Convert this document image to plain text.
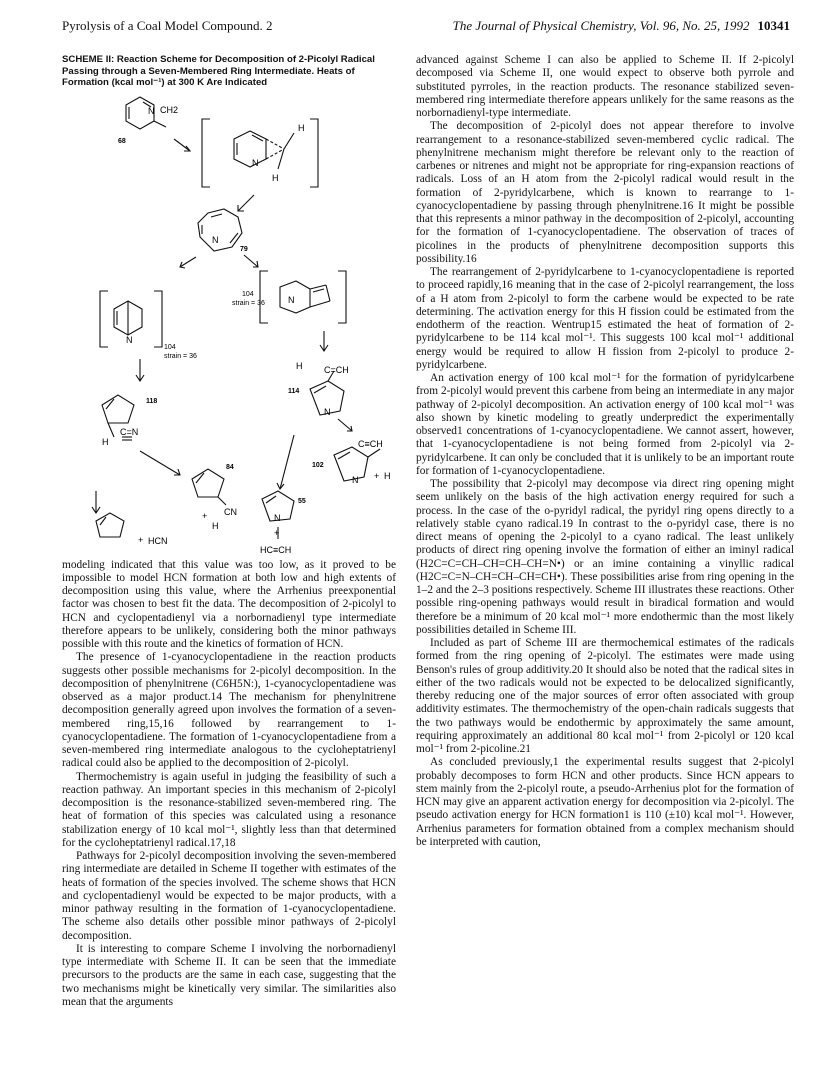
Pyrolysis of a Coal Model Compound. 2	The Journal of Physical Chemistry, Vol. 96, No. 25, 1992 10341

SCHEME II: Reaction Scheme for Decomposition of 2-Picolyl Radical Passing through a Seven-Membered Ring Intermediate. Heats of Formation (kcal mol⁻¹) at 300 K Are Indicated

N CH2
68
N
H
H
N
79
N
104
strain = 36
104
strain = 36	N
118
C=N
H
H C=CH
114
N
102
C≡CH
N + H
84
CN
+
H
+ HCN
N
55
+
HC≡CH

modeling indicated that this value was too low, as it proved to be impossible to model HCN formation at both low and high extents of decomposition using this value, where the Arrhenius preexponential factor was chosen to best fit the data. The decomposition of 2-picolyl to HCN and cyclopentadienyl via a norbornadienyl type intermediate therefore appears to be unlikely, considering both the minor pathways possible with this route and the kinetics of formation of HCN.

The presence of 1-cyanocyclopentadiene in the reaction products suggests other possible mechanisms for 2-picolyl decomposition. In the decomposition of phenylnitrene (C6H5N:), 1-cyanocyclopentadiene was observed as a major product.14 The mechanism for phenylnitrene decomposition generally agreed upon involves the formation of a seven-membered ring,15,16 followed by rearrangement to 1-cyanocyclopentadiene. The formation of 1-cyanocyclopentadiene from a seven-membered ring intermediate analogous to the cycloheptatrienyl radical could also be applied to the decomposition of 2-picolyl.

Thermochemistry is again useful in judging the feasibility of such a reaction pathway. An important species in this mechanism of 2-picolyl decomposition is the resonance-stabilized seven-membered ring. The heat of formation of this species was calculated using a resonance stabilization energy of 10 kcal mol⁻¹, slightly less than that determined for the cycloheptatrienyl radical.17,18

Pathways for 2-picolyl decomposition involving the seven-membered ring intermediate are detailed in Scheme II together with estimates of the heats of formation of the species involved. The scheme shows that HCN and cyclopentadienyl would be expected to be major products, with a minor pathway resulting in the formation of 1-cyanocyclopentadiene. The scheme also details other possible minor pathways of 2-picolyl decomposition.

It is interesting to compare Scheme I involving the norbornadienyl type intermediate with Scheme II. It can be seen that the immediate precursors to the products are the same in each case, suggesting that the two mechanisms might be kinetically very similar. The similarities also mean that the arguments

advanced against Scheme I can also be applied to Scheme II. If 2-picolyl decomposed via Scheme II, one would expect to observe both pyrrole and substituted pyrroles, in the reaction products. The resonance stabilized seven-membered ring intermediate therefore appears unlikely for the same reasons as the norbornadienyl-type intermediate.

The decomposition of 2-picolyl does not appear therefore to involve rearrangement to a resonance-stabilized seven-membered cyclic radical. The phenylnitrene mechanism might therefore be relevant only to the reaction of carbenes or nitrenes and might not be appropriate for ring-expansion reactions of radicals. Loss of an H atom from the 2-picolyl radical would result in the formation of 2-pyridylcarbene, which is known to rearrange to 1-cyanocyclopentadiene by passing through phenylnitrene.16 It might be possible that this represents a minor pathway in the decomposition of 2-picolyl, accounting for the formation of 1-cyanocyclopentadiene. The observation of traces of picolines in the products of phenylnitrene decomposition supports this possibility.16

The rearrangement of 2-pyridylcarbene to 1-cyanocyclopentadiene is reported to proceed rapidly,16 meaning that in the case of 2-picolyl rearrangement, the loss of a H atom from 2-picolyl to form the carbene would be expected to be rate determining. The activation energy for this H fission could be estimated from the endotherm of the reaction. Wentrup15 estimated the heat of formation of 2-pyridylcarbene to be 114 kcal mol⁻¹. This suggests 100 kcal mol⁻¹ additional energy would be required to allow H fission from 2-picolyl to produce 2-pyridylcarbene.

An activation energy of 100 kcal mol⁻¹ for the formation of pyridylcarbene from 2-picolyl would prevent this carbene from being an intermediate in any major pathway of 2-picolyl decomposition. An activation energy of 100 kcal mol⁻¹ was also shown by kinetic modeling to greatly underpredict the experimentally observed1 concentrations of 1-cyanocyclopentadiene. We cannot assert, however, that 1-cyanocyclopentadiene is not being formed from 2-picolyl via 2-pyridylcarbene. It can only be concluded that it is unlikely to be an important route for formation of 1-cyanocyclopentadiene.

The possibility that 2-picolyl may decompose via direct ring opening might seem unlikely on the basis of the high activation energy required for such a process. In the case of the o-pyridyl radical, the pyridyl ring opens directly to a relatively stable cyano radical.19 In contrast to the o-pyridyl case, there is no direct means of opening the 2-picolyl to a cyano radical. The least unlikely products of direct ring opening involve the formation of either an iminyl radical (H2C=C=CH–CH=CH–CH=N•) or an imine containing a vinyllic radical (H2C=C=N–CH=CH–CH=CH•). These possibilities arise from ring opening in the 1–2 and the 2–3 positions respectively. Scheme III illustrates these reactions. Other possible ring-opening pathways would result in biradical formation and would therefore be a minimum of 20 kcal mol⁻¹ more endothermic than the most likely possibilities detailed in Scheme III.

Included as part of Scheme III are thermochemical estimates of the radicals formed from the ring opening of 2-picolyl. The estimates were made using Benson's rules of group additivity.20 It should also be noted that the radical sites in either of the two radicals would not be expected to be delocalized significantly, thereby reducing one of the major sources of error often associated with group additivity estimates. The thermochemistry of the open-chain radicals suggests that the two pathways would be endothermic by approximately the same amount, requiring approximately an additional 80 kcal mol⁻¹ from 2-picolyl or 120 kcal mol⁻¹ from 2-picoline.21

As concluded previously,1 the experimental results suggest that 2-picolyl probably decomposes to form HCN and other products. Since HCN appears to stem mainly from the 2-picolyl route, a pseudo-Arrhenius plot for the formation of HCN may give an apparent activation energy for decomposition via 2-picolyl. The pseudo activation energy for HCN formation1 is 110 (±10) kcal mol⁻¹. However, Arrhenius parameters for formation obtained from a complex mechanism should be interpreted with caution,
